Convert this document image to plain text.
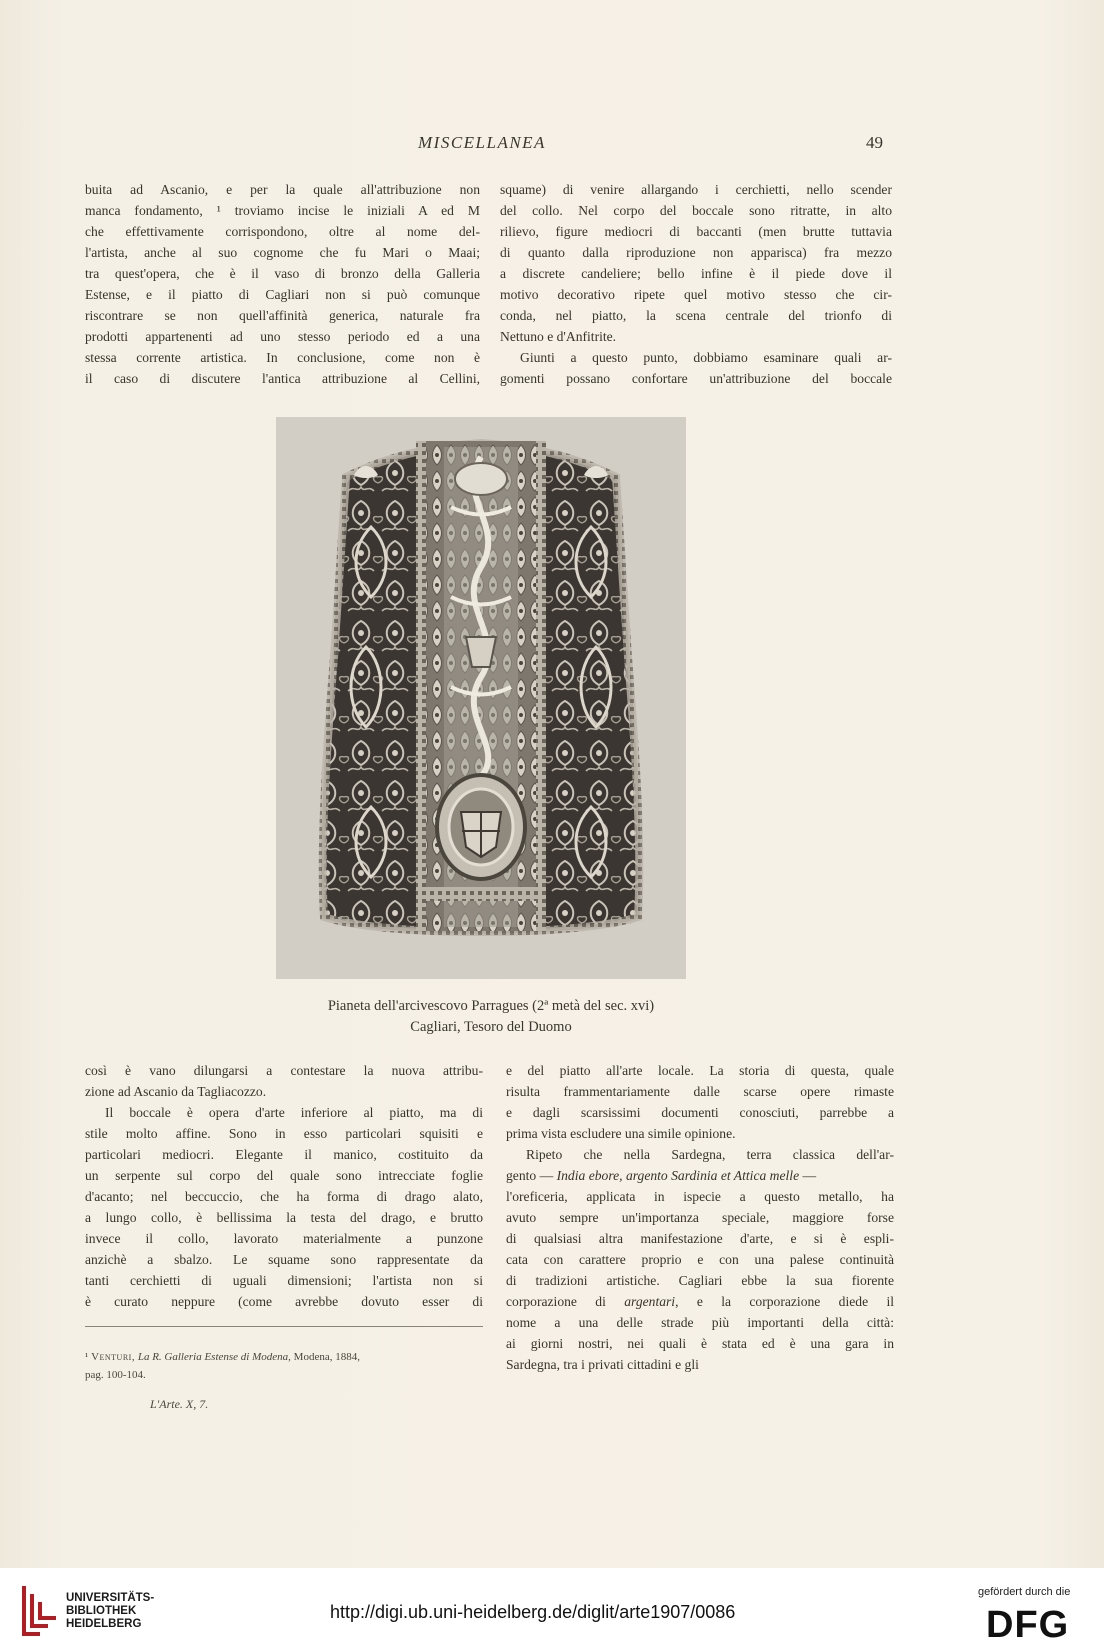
MISCELLANEA	49
buita ad Ascanio, e per la quale all'attribuzione non
manca fondamento, ¹ troviamo incise le iniziali A ed M
che effettivamente corrispondono, oltre al nome del-
l'artista, anche al suo cognome che fu Mari o Maai;
tra quest'opera, che è il vaso di bronzo della Galleria
Estense, e il piatto di Cagliari non si può comunque
riscontrare se non quell'affinità generica, naturale fra
prodotti appartenenti ad uno stesso periodo ed a una
stessa corrente artistica. In conclusione, come non è
il caso di discutere l'antica attribuzione al Cellini,
squame) di venire allargando i cerchietti, nello scender
del collo. Nel corpo del boccale sono ritratte, in alto
rilievo, figure mediocri di baccanti (men brutte tuttavia
di quanto dalla riproduzione non apparisca) fra mezzo
a discrete candeliere; bello infine è il piede dove il
motivo decorativo ripete quel motivo stesso che cir-
conda, nel piatto, la scena centrale del trionfo di
Nettuno e d'Anfitrite.
Giunti a questo punto, dobbiamo esaminare quali ar-
gomenti possano confortare un'attribuzione del boccale
Pianeta dell'arcivescovo Parragues (2ª metà del sec. xvi)
Cagliari, Tesoro del Duomo
così è vano dilungarsi a contestare la nuova attribu-
zione ad Ascanio da Tagliacozzo.
Il boccale è opera d'arte inferiore al piatto, ma di
stile molto affine. Sono in esso particolari squisiti e
particolari mediocri. Elegante il manico, costituito da
un serpente sul corpo del quale sono intrecciate foglie
d'acanto; nel beccuccio, che ha forma di drago alato,
a lungo collo, è bellissima la testa del drago, e brutto
invece il collo, lavorato materialmente a punzone
anzichè a sbalzo. Le squame sono rappresentate da
tanti cerchietti di uguali dimensioni; l'artista non si
è curato neppure (come avrebbe dovuto esser di
e del piatto all'arte locale. La storia di questa, quale
risulta frammentariamente dalle scarse opere rimaste
e dagli scarsissimi documenti conosciuti, parrebbe a
prima vista escludere una simile opinione.
Ripeto che nella Sardegna, terra classica dell'ar-
gento — India ebore, argento Sardinia et Attica melle —
l'oreficeria, applicata in ispecie a questo metallo, ha
avuto sempre un'importanza speciale, maggiore forse
di qualsiasi altra manifestazione d'arte, e si è espli-
cata con carattere proprio e con una palese continuità
di tradizioni artistiche. Cagliari ebbe la sua fiorente
corporazione di argentari, e la corporazione diede il
nome a una delle strade più importanti della città:
ai giorni nostri, nei quali è stata ed è una gara in
Sardegna, tra i privati cittadini e gli
¹ Venturi, La R. Galleria Estense di Modena, Modena, 1884,
pag. 100-104.
L'Arte. X, 7.
UNIVERSITÄTS-
BIBLIOTHEK
HEIDELBERG
http://digi.ub.uni-heidelberg.de/diglit/arte1907/0086
gefördert durch die
DFG
